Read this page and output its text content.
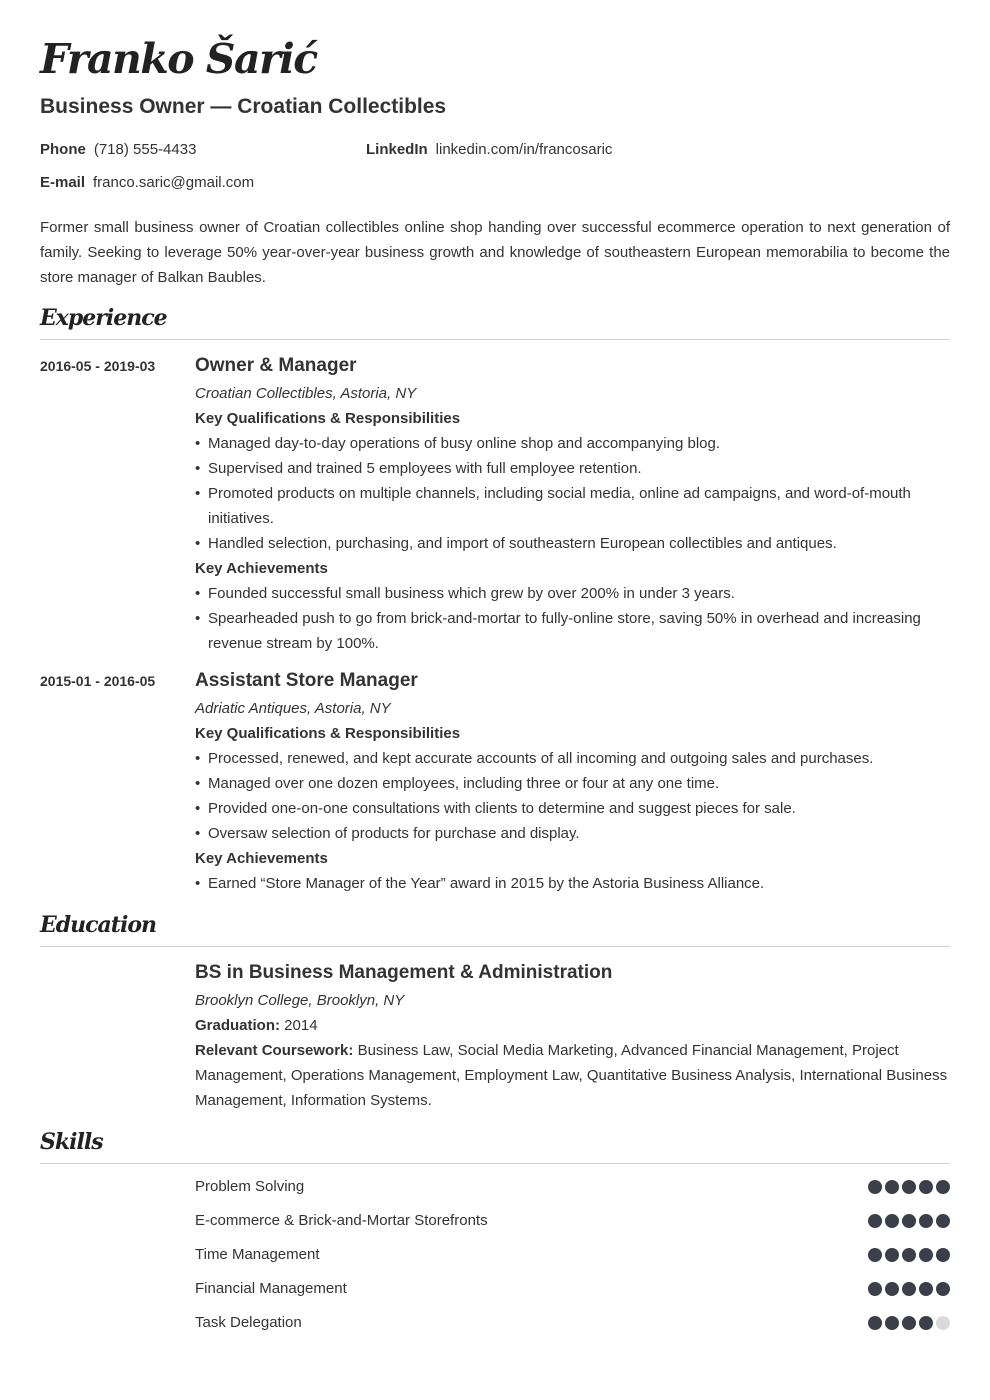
Franko Šarić
Business Owner — Croatian Collectibles
Phone (718) 555-4433	LinkedIn linkedin.com/in/francosaric
E-mail franco.saric@gmail.com
Former small business owner of Croatian collectibles online shop handing over successful ecommerce operation to next generation of family. Seeking to leverage 50% year-over-year business growth and knowledge of southeastern European memorabilia to become the store manager of Balkan Baubles.
Experience
2016-05 - 2019-03 Owner & Manager
Croatian Collectibles, Astoria, NY
Key Qualifications & Responsibilities
• Managed day-to-day operations of busy online shop and accompanying blog.
• Supervised and trained 5 employees with full employee retention.
• Promoted products on multiple channels, including social media, online ad campaigns, and word-of-mouth initiatives.
• Handled selection, purchasing, and import of southeastern European collectibles and antiques.
Key Achievements
• Founded successful small business which grew by over 200% in under 3 years.
• Spearheaded push to go from brick-and-mortar to fully-online store, saving 50% in overhead and increasing revenue stream by 100%.
2015-01 - 2016-05 Assistant Store Manager
Adriatic Antiques, Astoria, NY
Key Qualifications & Responsibilities
• Processed, renewed, and kept accurate accounts of all incoming and outgoing sales and purchases.
• Managed over one dozen employees, including three or four at any one time.
• Provided one-on-one consultations with clients to determine and suggest pieces for sale.
• Oversaw selection of products for purchase and display.
Key Achievements
• Earned “Store Manager of the Year” award in 2015 by the Astoria Business Alliance.
Education
BS in Business Management & Administration
Brooklyn College, Brooklyn, NY
Graduation: 2014
Relevant Coursework: Business Law, Social Media Marketing, Advanced Financial Management, Project Management, Operations Management, Employment Law, Quantitative Business Analysis, International Business Management, Information Systems.
Skills
Problem Solving
E-commerce & Brick-and-Mortar Storefronts
Time Management
Financial Management
Task Delegation
